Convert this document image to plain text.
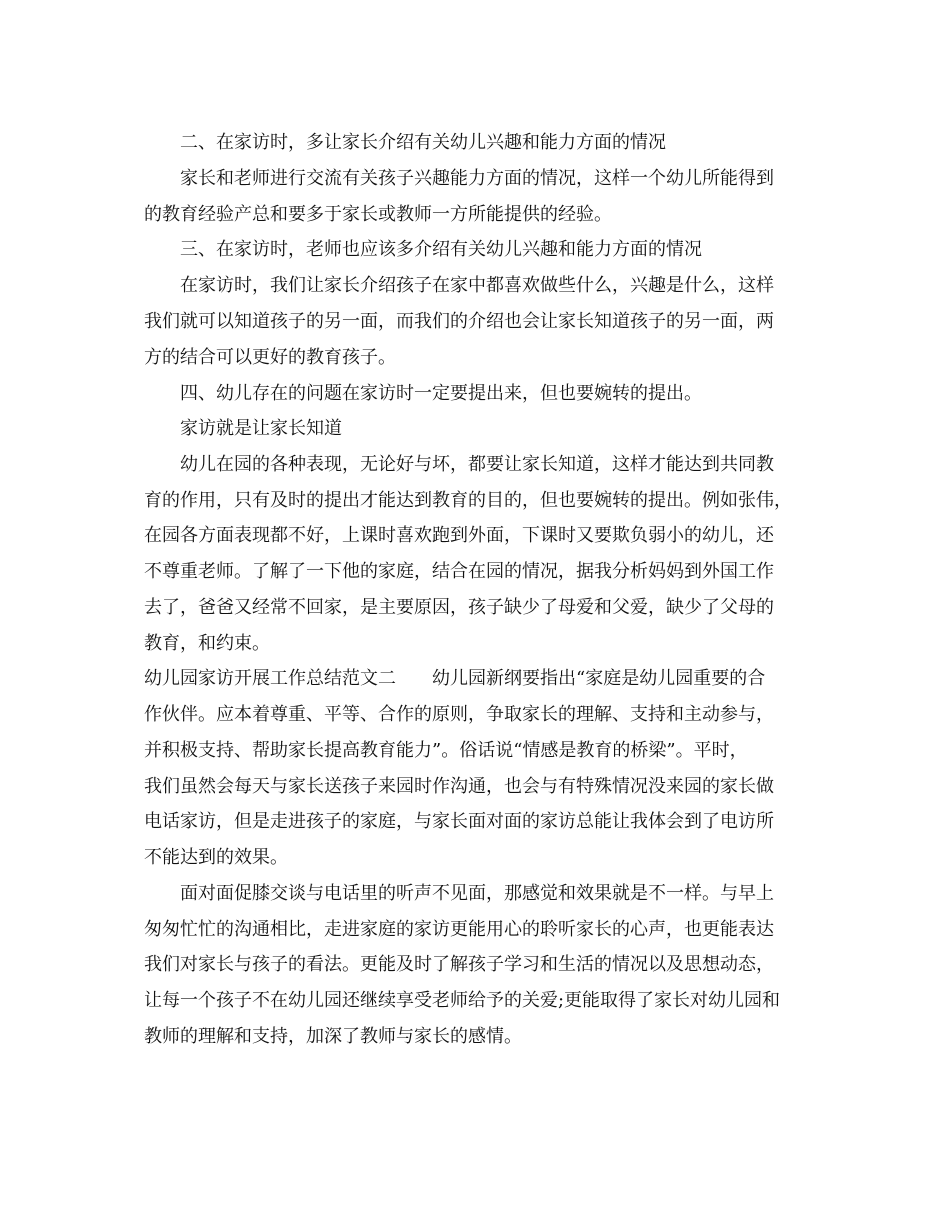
二、在家访时，多让家长介绍有关幼儿兴趣和能力方面的情况

家长和老师进行交流有关孩子兴趣能力方面的情况，这样一个幼儿所能得到

的教育经验产总和要多于家长或教师一方所能提供的经验。

三、在家访时，老师也应该多介绍有关幼儿兴趣和能力方面的情况

在家访时，我们让家长介绍孩子在家中都喜欢做些什么，兴趣是什么，这样

我们就可以知道孩子的另一面，而我们的介绍也会让家长知道孩子的另一面，两

方的结合可以更好的教育孩子。

四、幼儿存在的问题在家访时一定要提出来，但也要婉转的提出。

家访就是让家长知道

幼儿在园的各种表现，无论好与坏，都要让家长知道，这样才能达到共同教

育的作用，只有及时的提出才能达到教育的目的，但也要婉转的提出。例如张伟，

在园各方面表现都不好，上课时喜欢跑到外面，下课时又要欺负弱小的幼儿，还

不尊重老师。了解了一下他的家庭，结合在园的情况，据我分析妈妈到外国工作

去了，爸爸又经常不回家，是主要原因，孩子缺少了母爱和父爱，缺少了父母的

教育，和约束。

幼儿园家访开展工作总结范文二　　幼儿园新纲要指出“家庭是幼儿园重要的合

作伙伴。应本着尊重、平等、合作的原则，争取家长的理解、支持和主动参与，

并积极支持、帮助家长提高教育能力”。俗话说“情感是教育的桥梁”。平时，

我们虽然会每天与家长送孩子来园时作沟通，也会与有特殊情况没来园的家长做

电话家访，但是走进孩子的家庭，与家长面对面的家访总能让我体会到了电访所

不能达到的效果。

面对面促膝交谈与电话里的听声不见面，那感觉和效果就是不一样。与早上

匆匆忙忙的沟通相比，走进家庭的家访更能用心的聆听家长的心声，也更能表达

我们对家长与孩子的看法。更能及时了解孩子学习和生活的情况以及思想动态，

让每一个孩子不在幼儿园还继续享受老师给予的关爱;更能取得了家长对幼儿园和

教师的理解和支持，加深了教师与家长的感情。
